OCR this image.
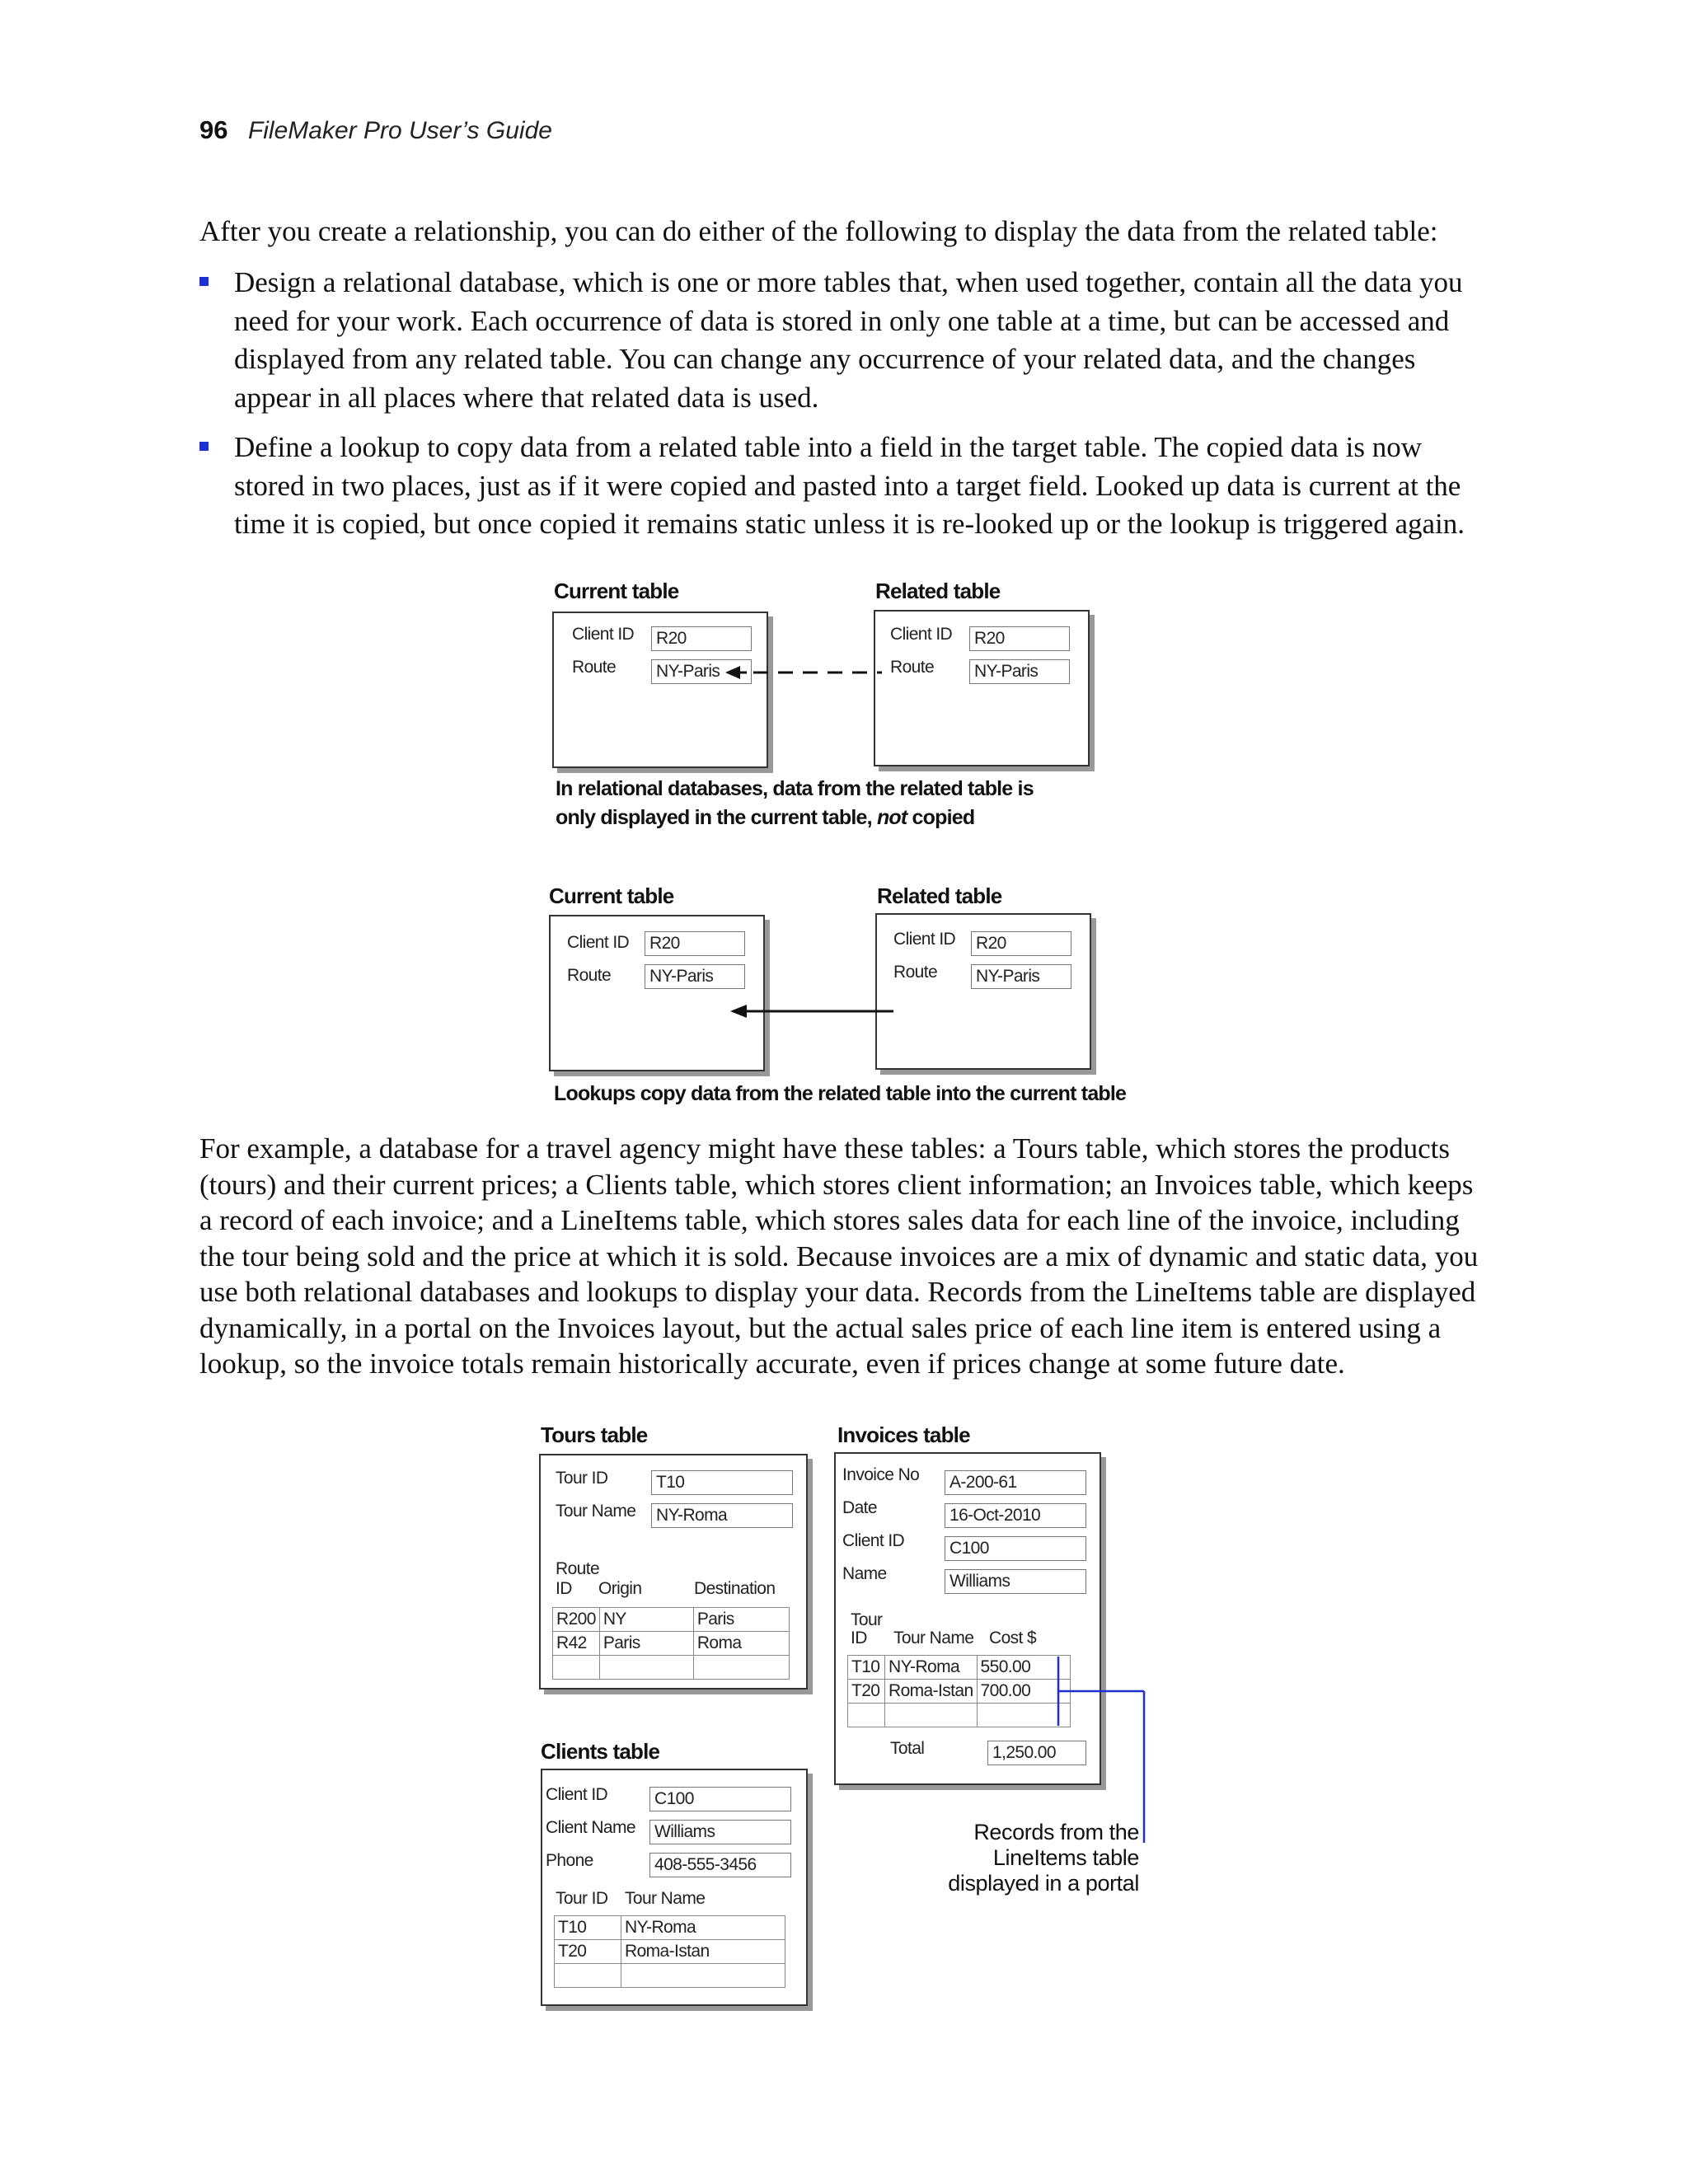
96 FileMaker Pro User’s Guide

After you create a relationship, you can do either of the following to display the data from the related table:

Design a relational database, which is one or more tables that, when used together, contain all the data you need for your work. Each occurrence of data is stored in only one table at a time, but can be accessed and displayed from any related table. You can change any occurrence of your related data, and the changes appear in all places where that related data is used.
Define a lookup to copy data from a related table into a field in the target table. The copied data is now stored in two places, just as if it were copied and pasted into a target field. Looked up data is current at the time it is copied, but once copied it remains static unless it is re-looked up or the lookup is triggered again.
Current table	Related table
Client ID R20
Route NY-Paris
Client ID R20
Route NY-Paris
In relational databases, data from the related table is
only displayed in the current table, not copied
Current table	Related table
Client ID R20
Route NY-Paris
Client ID R20
Route NY-Paris
Lookups copy data from the related table into the current table

For example, a database for a travel agency might have these tables: a Tours table, which stores the products (tours) and their current prices; a Clients table, which stores client information; an Invoices table, which keeps a record of each invoice; and a LineItems table, which stores sales data for each line of the invoice, including the tour being sold and the price at which it is sold. Because invoices are a mix of dynamic and static data, you use both relational databases and lookups to display your data. Records from the LineItems table are displayed dynamically, in a portal on the Invoices layout, but the actual sales price of each line item is entered using a lookup, so the invoice totals remain historically accurate, even if prices change at some future date.

Tours table	Invoices table
Clients table
Tour ID	T10
Tour Name NY-Roma
Route
ID Origin	Destination
R200	NY	Paris
R42	Paris	Roma

Invoice No A-200-61
Date	16-Oct-2010
Client ID	C100
Name	Williams
Tour
ID Tour Name Cost $
T10	NY-Roma	550.00
T20	Roma-Istan	700.00

Total	1,250.00
Client ID	C100
Client Name Williams
Phone	408-555-3456
Tour ID Tour Name
T10	NY-Roma
T20	Roma-Istan

Records from the
LineItems table
displayed in a portal
